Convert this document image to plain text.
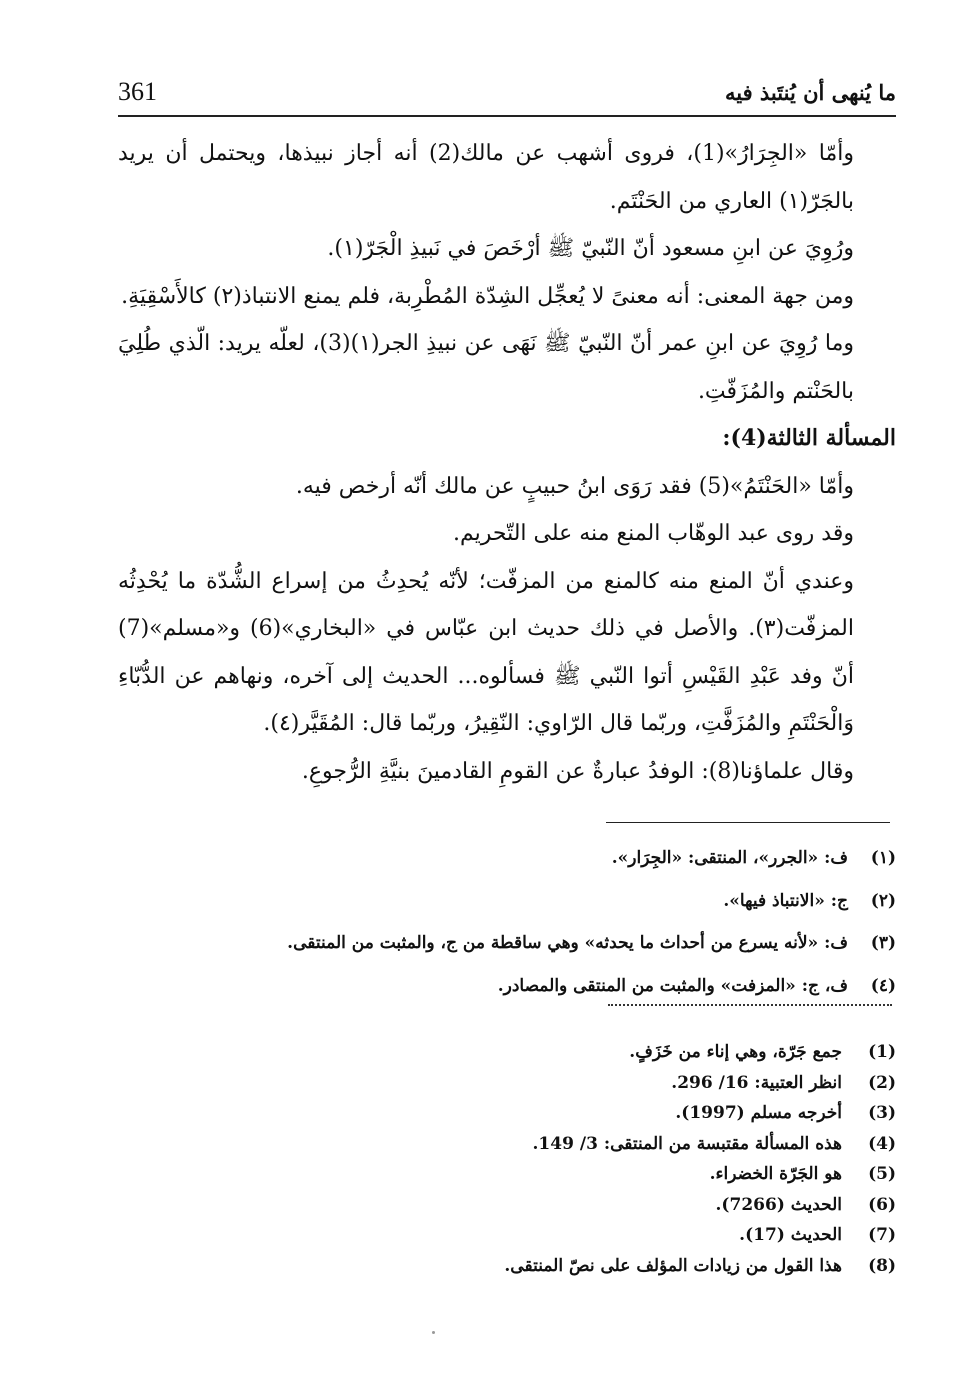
361	ما يُنهى أن يُنتَبذ فيه

وأمّا «الجِرَارُ»(1)، فروى أشهب عن مالك(2) أنه أجاز نبيذها، ويحتمل أن يريد بالجَرّ(١) العاري من الحَنْتَم.

ورُوِيَ عن ابنِ مسعود أنّ النّبيّ ﷺ أرْخَصَ في نَبيذِ الْجَرّ(١).

ومن جهة المعنى: أنه معنىً لا يُعجِّل الشِدّة المُطْرِبة، فلم يمنع الانتباذ(٢) كالأَسْقِيَةِ.

وما رُوِيَ عن ابنِ عمر أنّ النّبيّ ﷺ نَهَى عن نبيذِ الجر(١)(3)، لعلّه يريد: الّذي طُلِيَ بالحَنْتم والمُزَفّتِ.

المسألة الثالثة(4):

وأمّا «الحَنْتَمُ»(5) فقد رَوَى ابنُ حبيبٍ عن مالك أنّه أرخص فيه.

وقد روى عبد الوهّاب المنع منه على التّحريم.

وعندي أنّ المنع منه كالمنع من المزفّت؛ لأنّه يُحدِثُ من إسراع الشُّدّة ما يُحْدِثُه المزفّت(٣). والأصل في ذلك حديث ابن عبّاس في «البخاري»(6) و«مسلم»(7) أنّ وفد عَبْدِ القَيْسِ أتوا النّبي ﷺ فسألوه... الحديث إلى آخره، ونهاهم عن الدُّبّاءِ وَالْحَنْتَمِ والمُزَفَّتِ، وربّما قال الرّاوي: النّقِيرُ، وربّما قال: المُقَيَّر(٤).

وقال علماؤنا(8): الوفدُ عبارةٌ عن القومِ القادمينَ بنيَّةِ الرُّجوعِ.

(١)
ف: «الجرر»، المنتقى: «الجِرَار».
(٢)
ج: «الانتباذ فيها».
(٣)
ف: «لأنه يسرع من أحداث ما يحدثه» وهي ساقطة من ج، والمثبت من المنتقى.
(٤)
ف، ج: «المزفت» والمثبت من المنتقى والمصادر.
(1)
جمع جَرّة، وهي إناء من خَزَفٍ.
(2)
انظر العتبية: 16/ 296.
(3)
أخرجه مسلم (1997).
(4)
هذه المسألة مقتبسة من المنتقى: 3/ 149.
(5)
هو الجَرّة الخضراء.
(6)
الحديث (7266).
(7)
الحديث (17).
(8)
هذا القول من زيادات المؤلف على نصّ المنتقى.
